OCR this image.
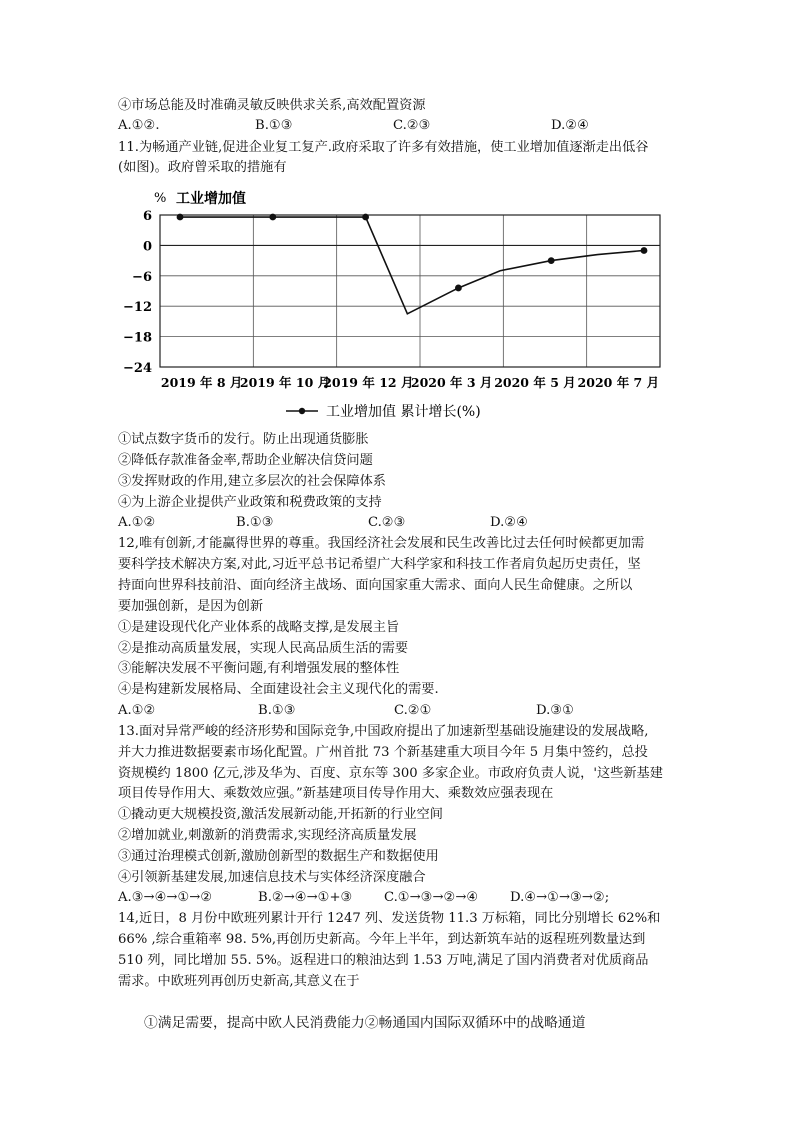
④市场总能及时准确灵敏反映供求关系,高效配置资源
A.①②.	B.①③	C.②③	D.②④
11.为畅通产业链,促进企业复工复产.政府采取了许多有效措施，使工业增加值逐渐走出低谷
(如图)。政府曾采取的措施有
% 工业增加值
6
0
−6
−12
−18
−24
2019 年 8 月
2019 年 10 月
2019 年 12 月
2020 年 3 月 2020 年 5 月 2020 年 7 月
工业增加值 累计增长(%)
①试点数字货币的发行。防止出现通货膨胀
②降低存款准备金率,帮助企业解决信贷问题
③发挥财政的作用,建立多层次的社会保障体系
④为上游企业提供产业政策和税费政策的支持
A.①②	B.①③	C.②③	D.②④
12,唯有创新,才能赢得世界的尊重。我国经济社会发展和民生改善比过去任何时候都更加需
要科学技术解决方案,对此,习近平总书记希望广大科学家和科技工作者肩负起历史责任，坚
持面向世界科技前沿、面向经济主战场、面向国家重大需求、面向人民生命健康。之所以
要加强创新，是因为创新
①是建设现代化产业体系的战略支撑,是发展主旨
②是推动高质量发展，实现人民高品质生活的需要
③能解决发展不平衡问题,有利增强发展的整体性
④是构建新发展格局、全面建设社会主义现代化的需要.
A.①②	B.①③	C.②①	D.③①
13.面对异常严峻的经济形势和国际竞争,中国政府提出了加速新型基础设施建设的发展战略,
并大力推进数据要素市场化配置。广州首批 73 个新基建重大项目今年 5 月集中签约，总投
资规模约 1800 亿元,涉及华为、百度、京东等 300 多家企业。市政府负责人说，'这些新基建
项目传导作用大、乘数效应强。”新基建项目传导作用大、乘数效应强表现在
①撬动更大规模投资,激活发展新动能,开拓新的行业空间
②增加就业,刺激新的消费需求,实现经济高质量发展
③通过治理模式创新,激励创新型的数据生产和数据使用
④引领新基建发展,加速信息技术与实体经济深度融合
A.③→④→①→②	B.②→④→①+③ C.①→③→②→④ D.④→①→③→②;
14,近日，8 月份中欧班列累计开行 1247 列、发送货物 11.3 万标箱，同比分别增长 62%和
66% ,综合重箱率 98. 5%,再创历史新高。今年上半年，到达新筑车站的返程班列数量达到
510 列，同比增加 55. 5%。返程进口的粮油达到 1.53 万吨,满足了国内消费者对优质商品
需求。中欧班列再创历史新高,其意义在于
①满足需要，提高中欧人民消费能力②畅通国内国际双循环中的战略通道
